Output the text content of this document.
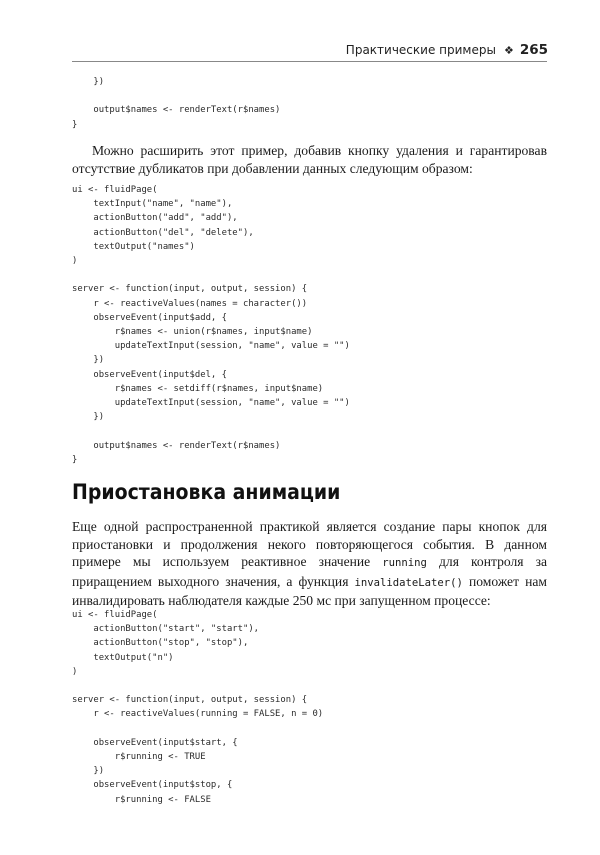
Практические примеры ❖ 265
})

output$names <- renderText(r$names)
}

Можно расширить этот пример, добавив кнопку удаления и гарантировав отсутствие дубликатов при добавлении данных следующим образом:

ui <- fluidPage(
textInput("name", "name"),
actionButton("add", "add"),
actionButton("del", "delete"),
textOutput("names")
)

server <- function(input, output, session) {
r <- reactiveValues(names = character())
observeEvent(input$add, {
r$names <- union(r$names, input$name)
updateTextInput(session, "name", value = "")
})
observeEvent(input$del, {
r$names <- setdiff(r$names, input$name)
updateTextInput(session, "name", value = "")
})

output$names <- renderText(r$names)
}
Приостановка анимации

Еще одной распространенной практикой является создание пары кнопок для приостановки и продолжения некого повторяющегося события. В данном примере мы используем реактивное значение running для контроля за приращением выходного значения, а функция invalidateLater() поможет нам инвалидировать наблюдателя каждые 250 мс при запущенном процессе:

ui <- fluidPage(
actionButton("start", "start"),
actionButton("stop", "stop"),
textOutput("n")
)

server <- function(input, output, session) {
r <- reactiveValues(running = FALSE, n = 0)

observeEvent(input$start, {
r$running <- TRUE
})
observeEvent(input$stop, {
r$running <- FALSE
